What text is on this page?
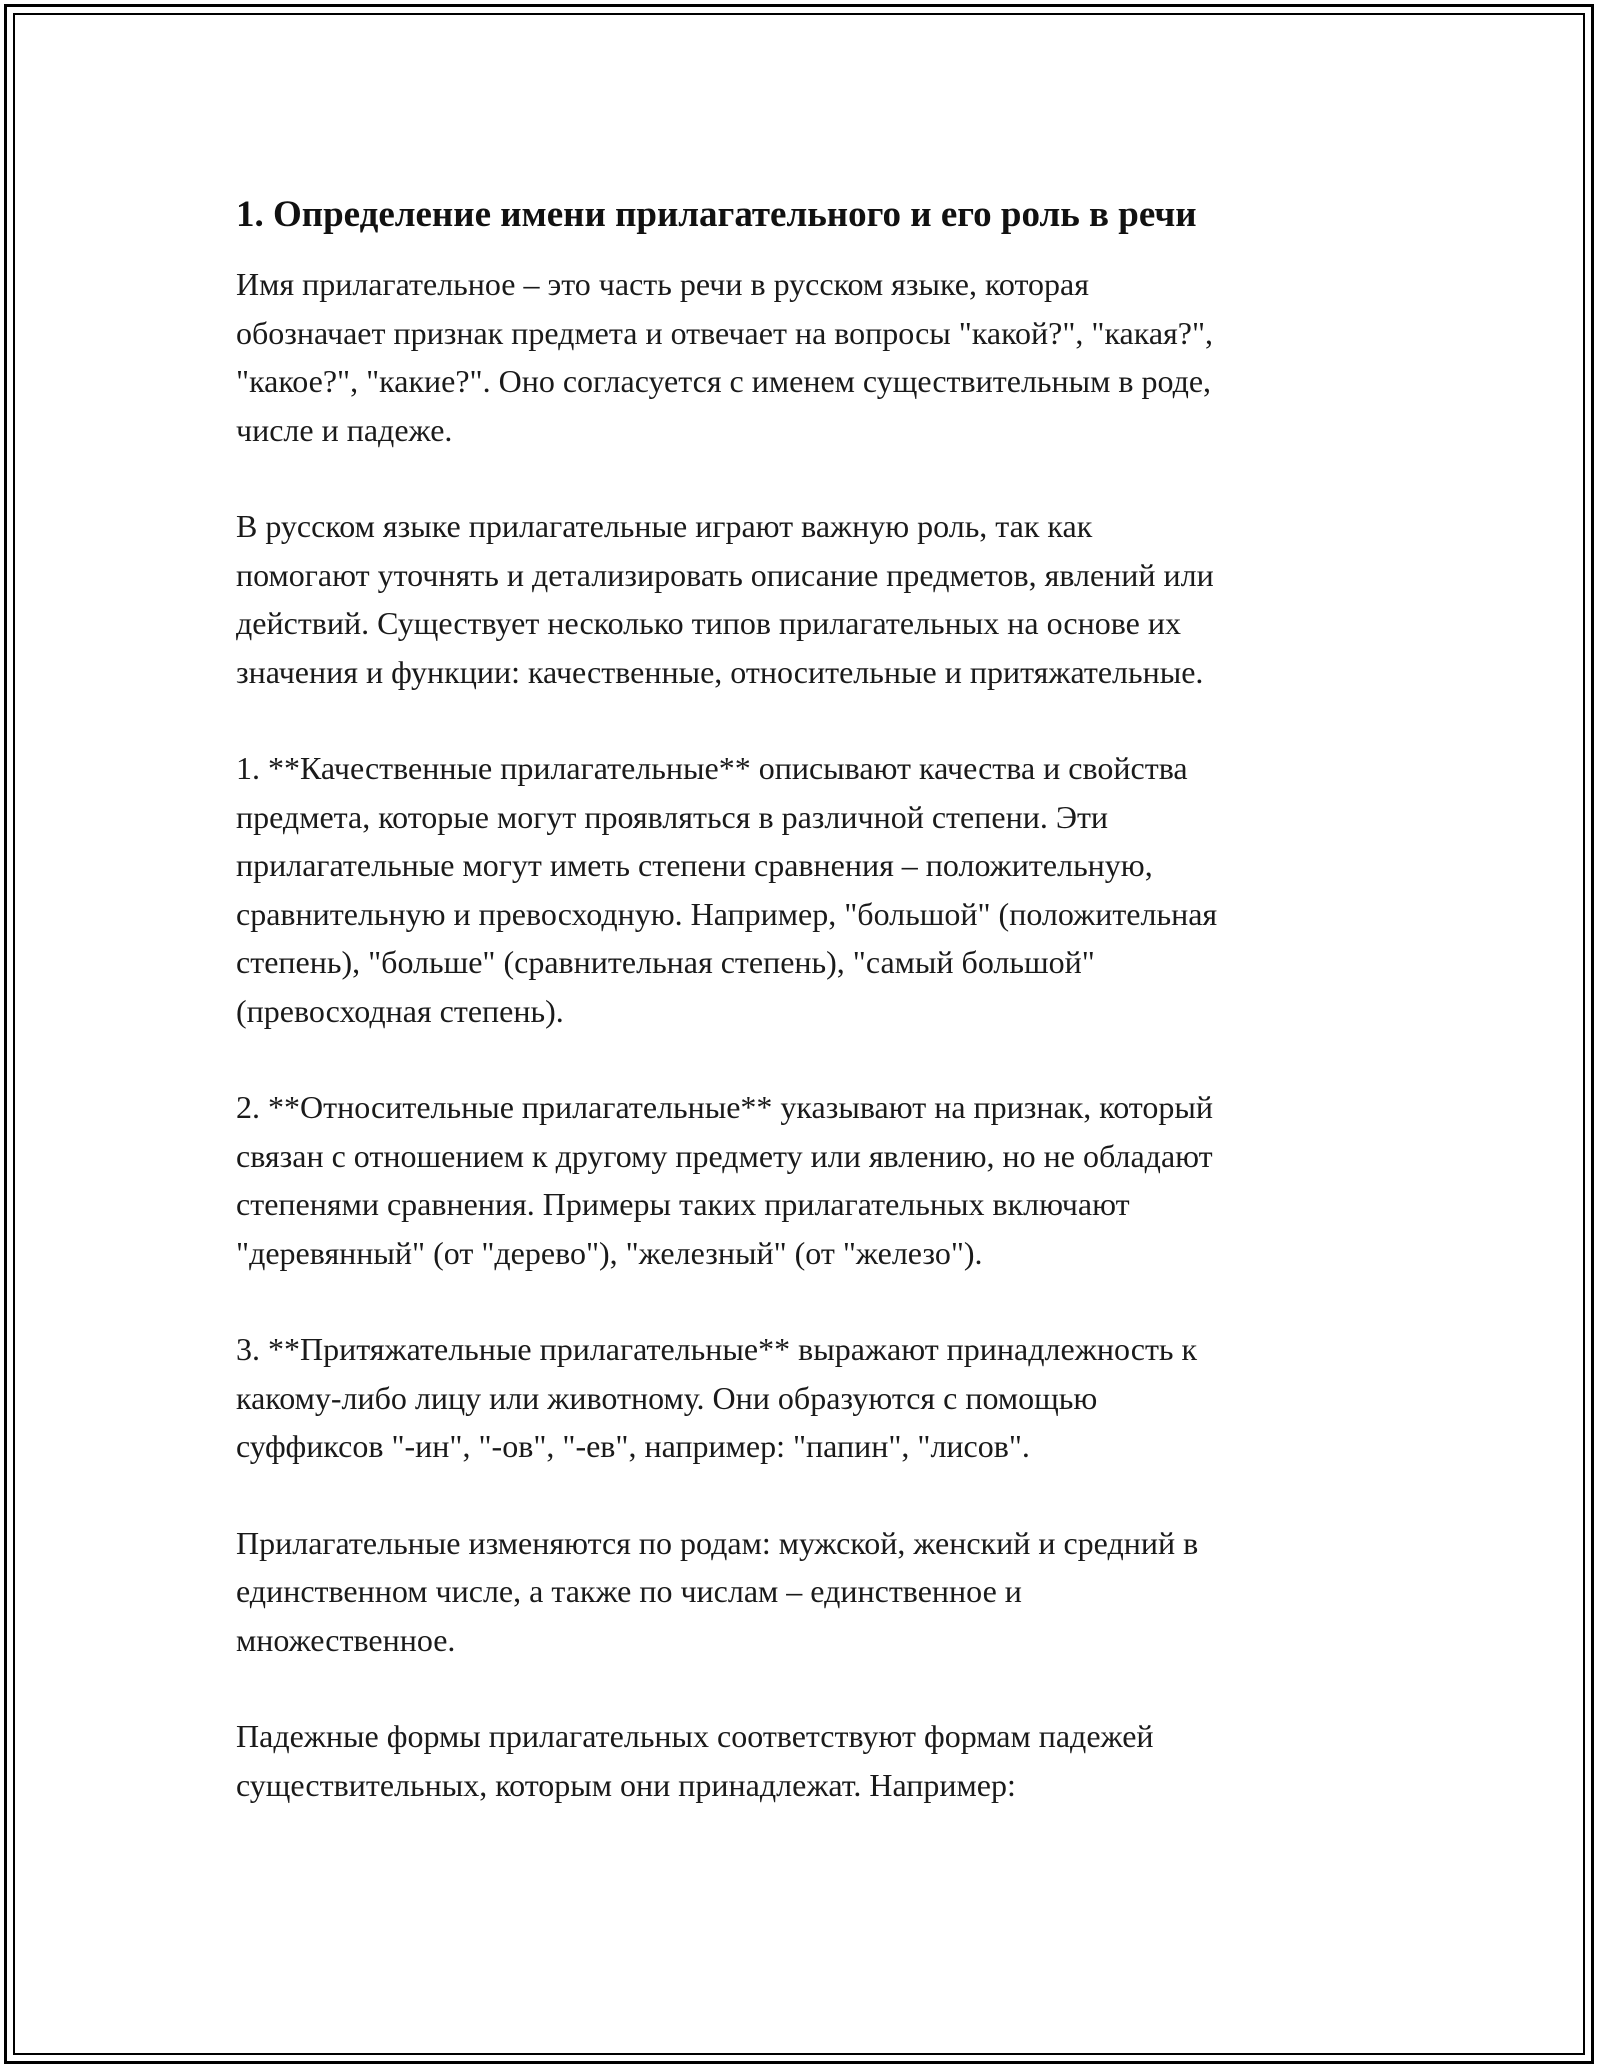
1. Определение имени прилагательного и его роль в речи

Имя прилагательное – это часть речи в русском языке, которая
обозначает признак предмета и отвечает на вопросы "какой?", "какая?",
"какое?", "какие?". Оно согласуется с именем существительным в роде,
числе и падеже.

В русском языке прилагательные играют важную роль, так как
помогают уточнять и детализировать описание предметов, явлений или
действий. Существует несколько типов прилагательных на основе их
значения и функции: качественные, относительные и притяжательные.

1. **Качественные прилагательные** описывают качества и свойства
предмета, которые могут проявляться в различной степени. Эти
прилагательные могут иметь степени сравнения – положительную,
сравнительную и превосходную. Например, "большой" (положительная
степень), "больше" (сравнительная степень), "самый большой"
(превосходная степень).

2. **Относительные прилагательные** указывают на признак, который
связан с отношением к другому предмету или явлению, но не обладают
степенями сравнения. Примеры таких прилагательных включают
"деревянный" (от "дерево"), "железный" (от "железо").

3. **Притяжательные прилагательные** выражают принадлежность к
какому-либо лицу или животному. Они образуются с помощью
суффиксов "-ин", "-ов", "-ев", например: "папин", "лисов".

Прилагательные изменяются по родам: мужской, женский и средний в
единственном числе, а также по числам – единственное и
множественное.

Падежные формы прилагательных соответствуют формам падежей
существительных, которым они принадлежат. Например:
